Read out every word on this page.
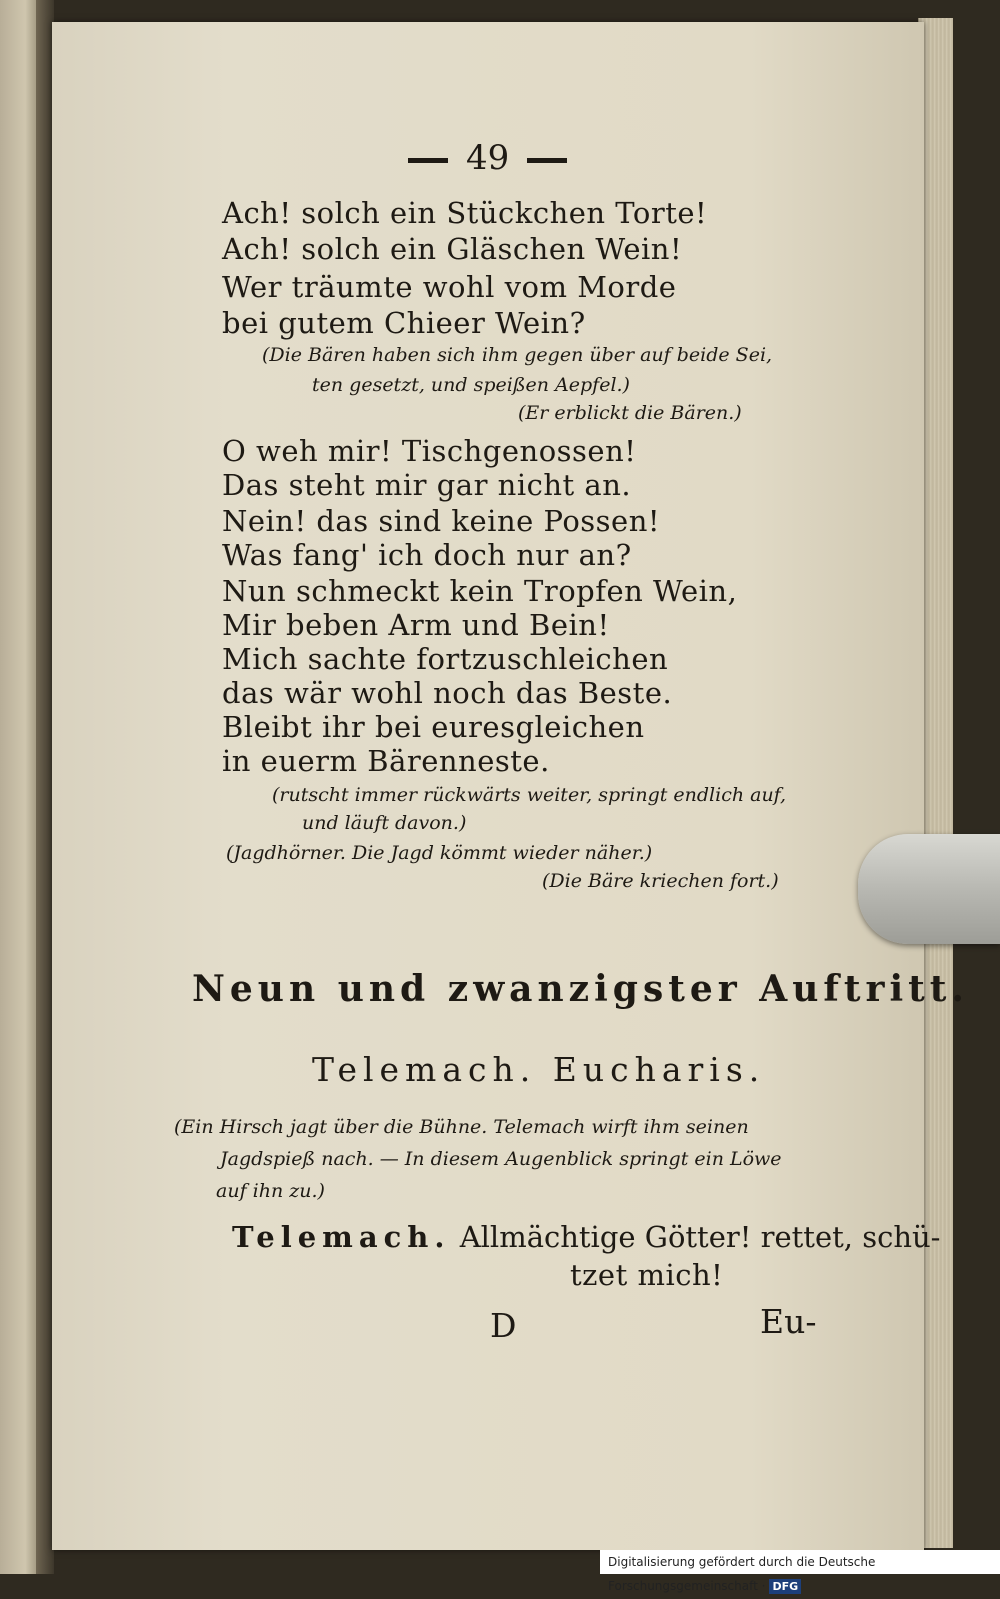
49
Ach! solch ein Stückchen Torte!
Ach! solch ein Gläschen Wein!
Wer träumte wohl vom Morde
bei gutem Chieer Wein?
(Die Bären haben sich ihm gegen über auf beide Sei,
ten gesetzt, und speißen Aepfel.)
(Er erblickt die Bären.)
O weh mir! Tischgenossen!
Das steht mir gar nicht an.
Nein! das sind keine Possen!
Was fang' ich doch nur an?
Nun schmeckt kein Tropfen Wein,
Mir beben Arm und Bein!
Mich sachte fortzuschleichen
das wär wohl noch das Beste.
Bleibt ihr bei euresgleichen
in euerm Bärenneste.
(rutscht immer rückwärts weiter, springt endlich auf,
und läuft davon.)
(Jagdhörner. Die Jagd kömmt wieder näher.)
(Die Bäre kriechen fort.)
Neun und zwanzigster Auftritt.
Telemach. Eucharis.
(Ein Hirsch jagt über die Bühne. Telemach wirft ihm seinen
Jagdspieß nach. — In diesem Augenblick springt ein Löwe
auf ihn zu.)
Telemach. Allmächtige Götter! rettet, schü-
tzet mich!
D	Eu-
Digitalisierung gefördert durch die Deutsche Forschungsgemeinschaft · DFG
